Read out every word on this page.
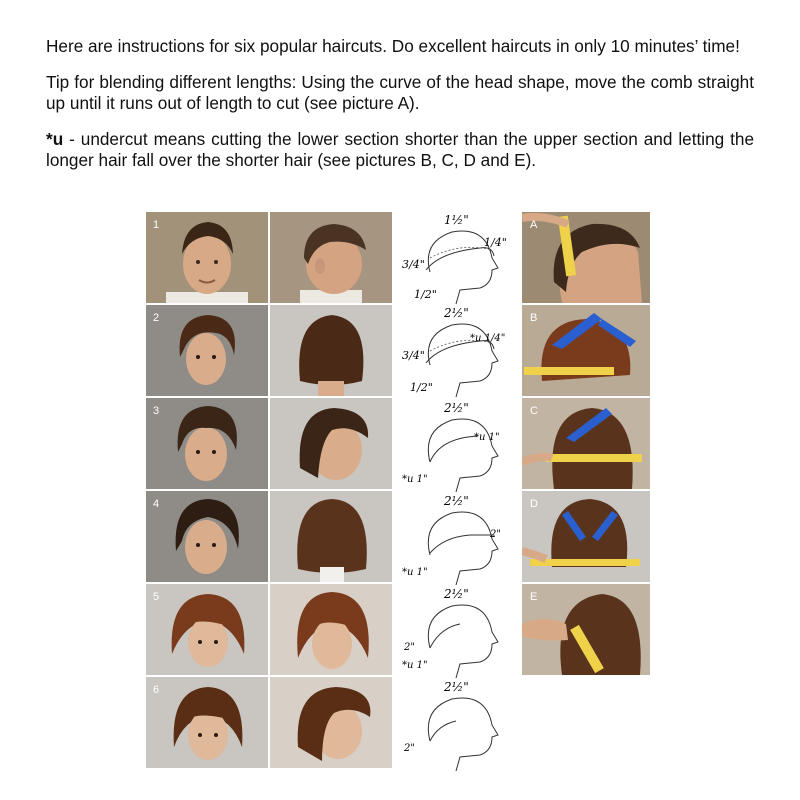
Here are instructions for six popular haircuts. Do excellent haircuts in only 10 minutes’ time!

Tip for blending different lengths: Using the curve of the head shape, move the comb straight up until it runs out of length to cut (see picture A).

*u - undercut means cutting the lower section shorter than the upper section and letting the longer hair fall over the shorter hair (see pictures B, C, D and E).

1	1½"
1/4"
3/4"
1/2"
A
2	2½"
*u 1/4"
3/4"
1/2"
B
3	2½"
*u 1"
*u 1"
C
4	2½"
2"
*u 1"
D
5	2½"
2"
*u 1"
E
6	2½"
2"
